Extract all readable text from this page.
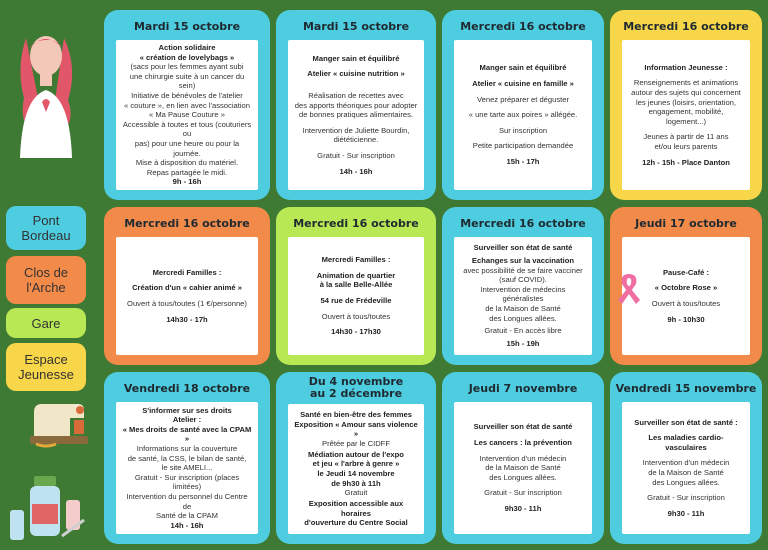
Pont Bordeau
Clos de l'Arche
Gare
Espace Jeunesse
Mardi 15 octobre
Action solidaire
« création de lovelybags »
(sacs pour les femmes ayant subi
une chirurgie suite à un cancer du sein)
Initiative de bénévoles de l'atelier
« couture », en lien avec l'association
« Ma Pause Couture »
Accessible à toutes et tous (couturiers ou
pas) pour une heure ou pour la journée.
Mise à disposition du matériel.
Repas partagée le midi.
9h - 16h
Mardi 15 octobre
Manger sain et équilibré
Atelier « cuisine nutrition »
Réalisation de recettes avec
des apports théoriques pour adopter
de bonnes pratiques alimentaires.
Intervention de Juliette Bourdin,
diététicienne.
Gratuit - Sur inscription
14h - 16h
Mercredi 16 octobre
Manger sain et équilibré
Atelier « cuisine en famille »
Venez préparer et déguster
« une tarte aux poires » allégée.
Sur inscription
Petite participation demandée
15h - 17h
Mercredi 16 octobre
Information Jeunesse :
Renseignements et animations
autour des sujets qui concernent
les jeunes (loisirs, orientation,
engagement, mobilité, logement...)
Jeunes à partir de 11 ans
et/ou leurs parents
12h - 15h - Place Danton
Mercredi 16 octobre
Mercredi Familles :
Création d'un « cahier animé »
Ouvert à tous/toutes (1 €/personne)
14h30 - 17h
Mercredi 16 octobre
Mercredi Familles :
Animation de quartier
à la salle Belle-Allée
54 rue de Frédeville
Ouvert à tous/toutes
14h30 - 17h30
Mercredi 16 octobre
Surveiller son état de santé
Echanges sur la vaccination
avec possibilité de se faire vacciner
(sauf COVID).
Intervention de médecins généralistes
de la Maison de Santé
des Longues allées.
Gratuit - En accès libre
15h - 19h
Jeudi 17 octobre
Pause-Café :
« Octobre Rose »
Ouvert à tous/toutes
9h - 10h30
Vendredi 18 octobre
S'informer sur ses droits
Atelier :
« Mes droits de santé avec la CPAM »
Informations sur la couverture
de santé, la CSS, le bilan de santé,
le site AMELI...
Gratuit - Sur inscription (places limitées)
Intervention du personnel du Centre de
Santé de la CPAM
14h - 16h
Du 4 novembre au 2 décembre
Santé en bien-être des femmes
Exposition « Amour sans violence »
Prêtée par le CIDFF
Médiation autour de l'expo
et jeu « l'arbre à genre »
le Jeudi 14 novembre
de 9h30 à 11h
Gratuit
Exposition accessible aux horaires
d'ouverture du Centre Social
Jeudi 7 novembre
Surveiller son état de santé
Les cancers : la prévention
Intervention d'un médecin
de la Maison de Santé
des Longues allées.
Gratuit - Sur inscription
9h30 - 11h
Vendredi 15 novembre
Surveiller son état de santé :
Les maladies cardio-vasculaires
Intervention d'un médecin
de la Maison de Santé
des Longues allées.
Gratuit - Sur inscription
9h30 - 11h
